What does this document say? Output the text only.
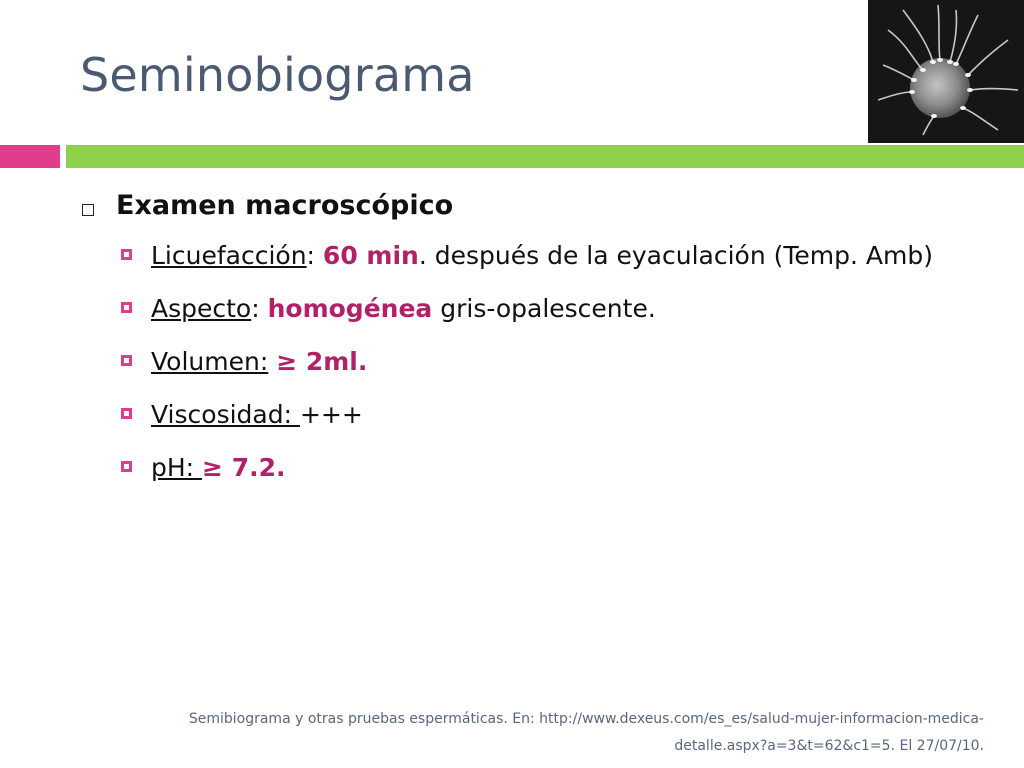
Seminobiograma
Examen macroscópico
Licuefacción: 60 min. después de la eyaculación (Temp. Amb)
Aspecto: homogénea gris-opalescente.
Volumen: ≥ 2ml.
Viscosidad: +++
pH: ≥ 7.2.
Semibiograma y otras pruebas espermáticas. En: http://www.dexeus.com/es_es/salud-mujer-informacion-medica-
detalle.aspx?a=3&t=62&c1=5. El 27/07/10.
